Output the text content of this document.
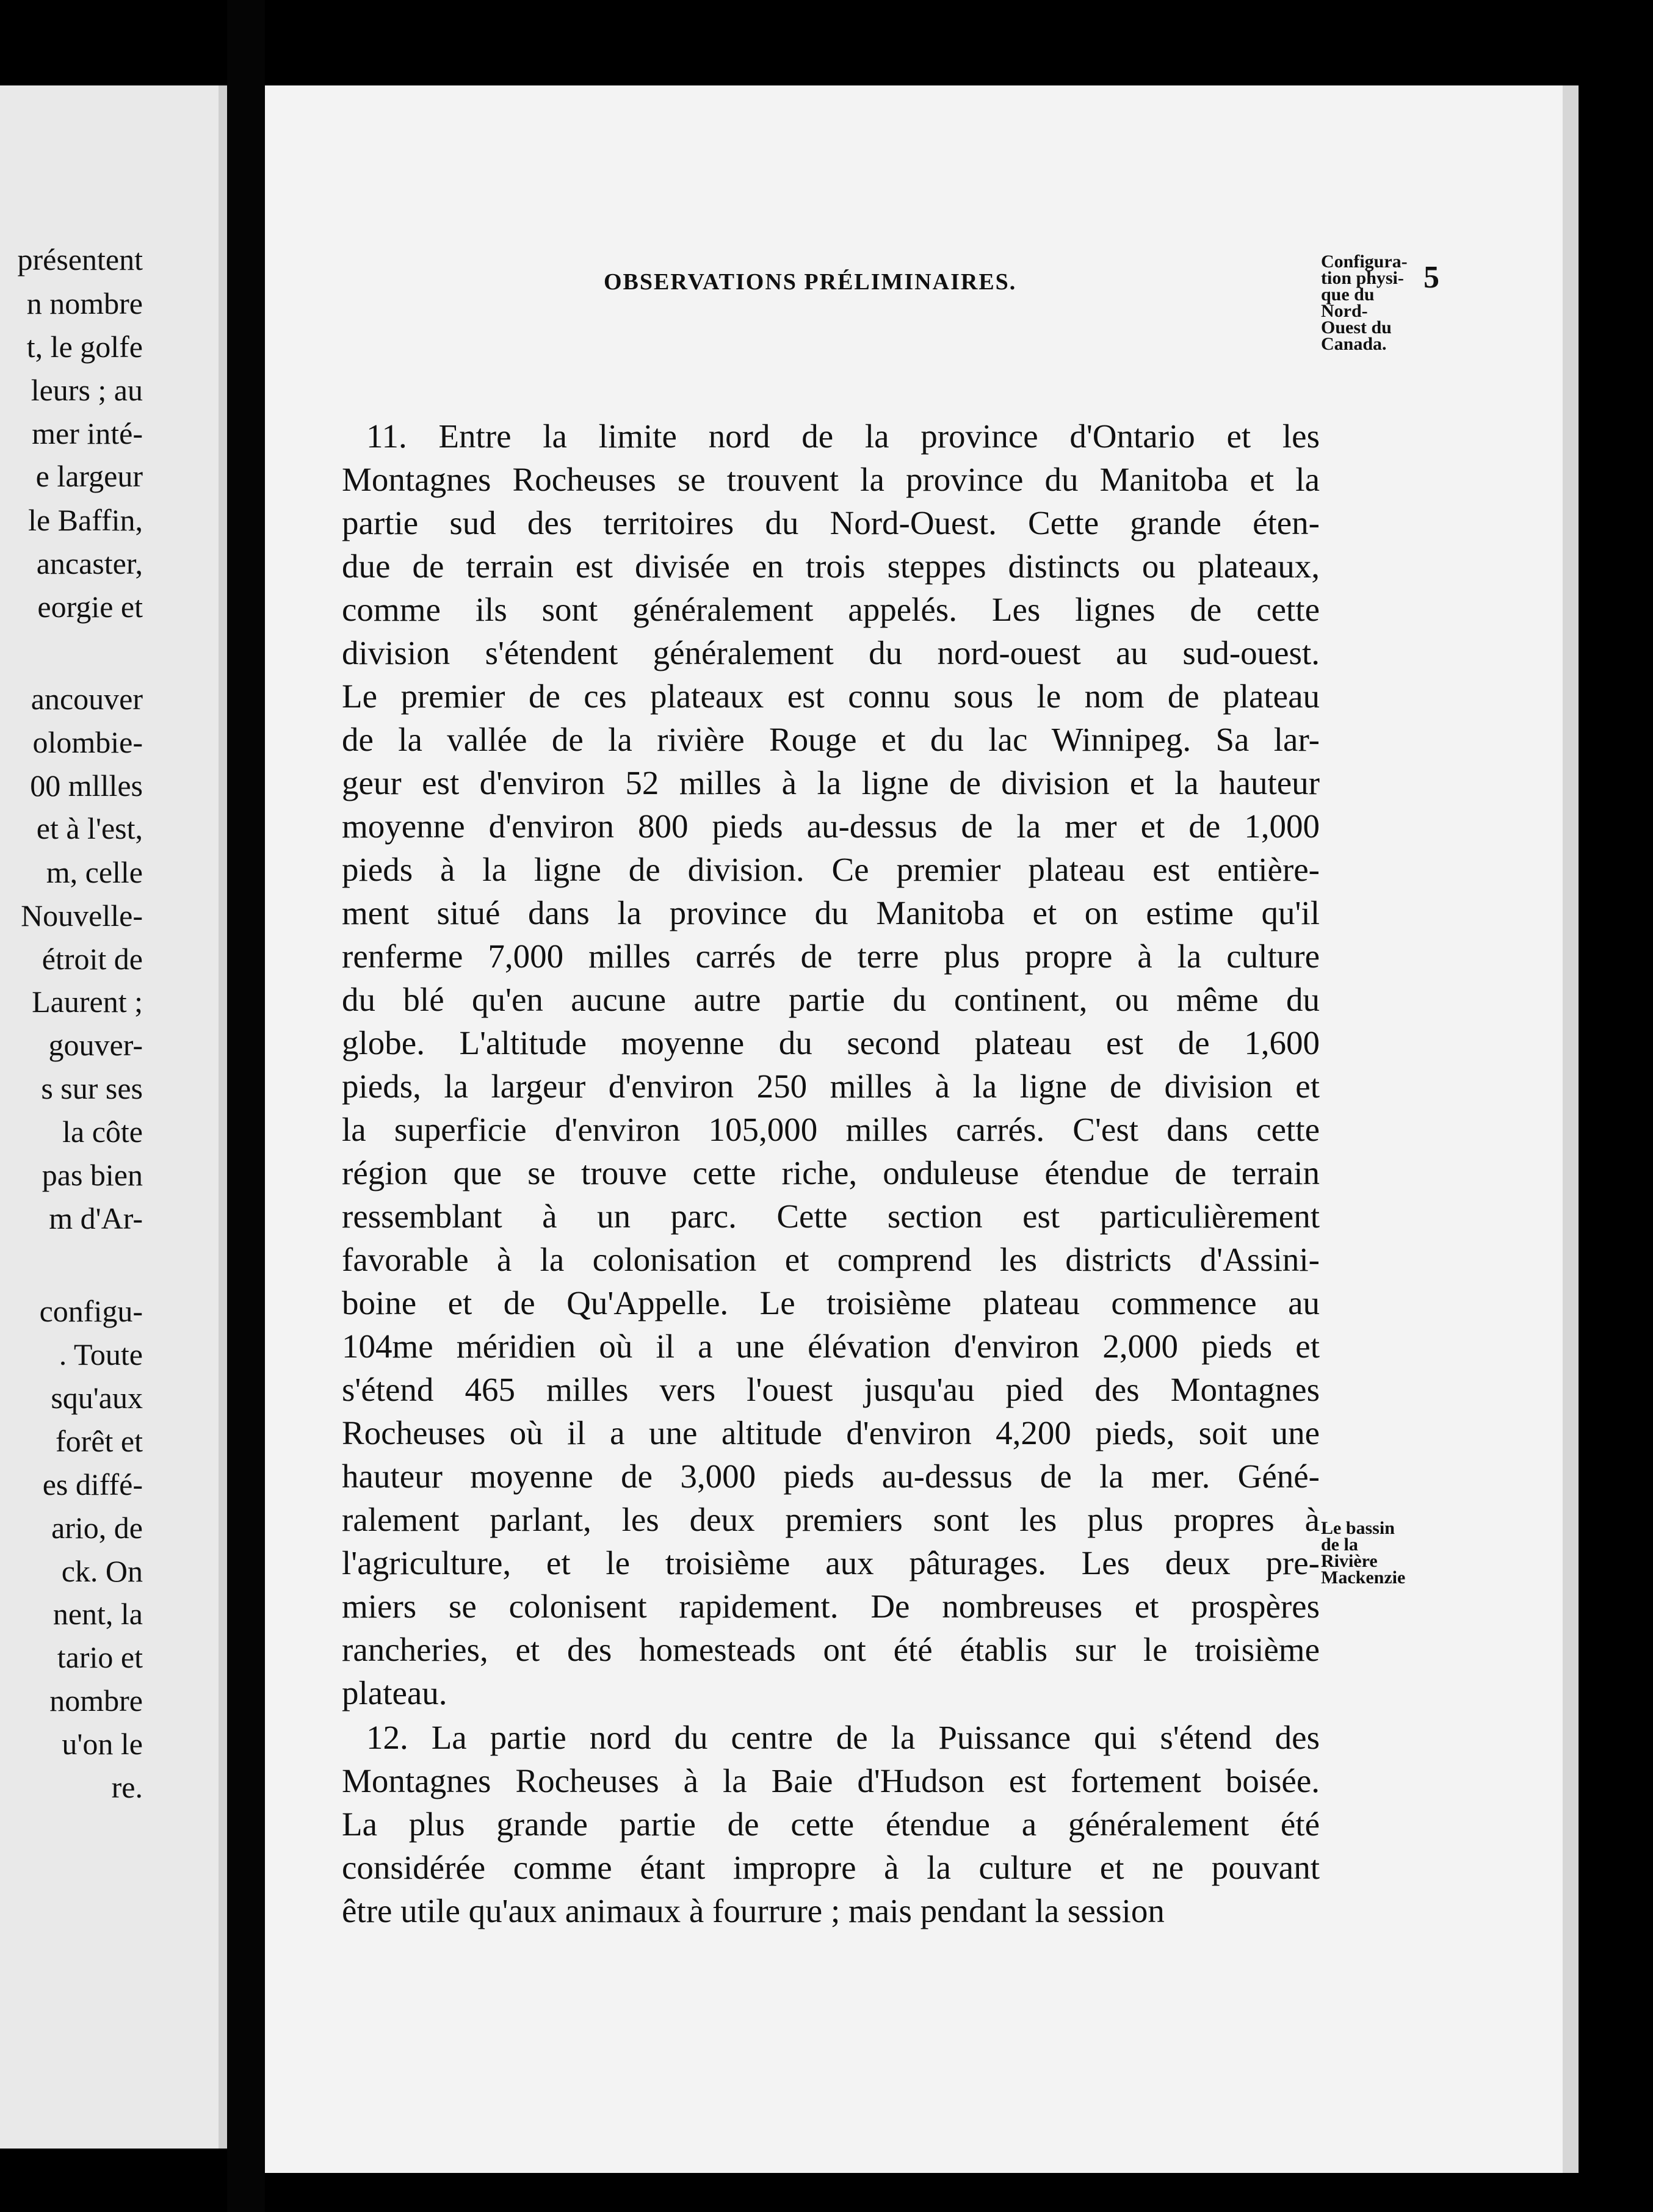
présentent
n nombre
t, le golfe
leurs ; au
mer inté-
e largeur
le Baffin,
ancaster,
eorgie et
ancouver
olombie-
00 mllles
et à l'est,
m, celle
Nouvelle-
étroit de
Laurent ;
gouver-
s sur ses
la côte
pas bien
m d'Ar-
configu-
. Toute
squ'aux
forêt et
es diffé-
ario, de
ck. On
nent, la
tario et
nombre
u'on le
re.
OBSERVATIONS PRÉLIMINAIRES.	5
11. Entre la limite nord de la province d'Ontario et les
Montagnes Rocheuses se trouvent la province du Manitoba et la
partie sud des territoires du Nord-Ouest. Cette grande éten-
due de terrain est divisée en trois steppes distincts ou plateaux,
comme ils sont généralement appelés. Les lignes de cette
division s'étendent généralement du nord-ouest au sud-ouest.
Le premier de ces plateaux est connu sous le nom de plateau
de la vallée de la rivière Rouge et du lac Winnipeg. Sa lar-
geur est d'environ 52 milles à la ligne de division et la hauteur
moyenne d'environ 800 pieds au-dessus de la mer et de 1,000
pieds à la ligne de division. Ce premier plateau est entière-
ment situé dans la province du Manitoba et on estime qu'il
renferme 7,000 milles carrés de terre plus propre à la culture
du blé qu'en aucune autre partie du continent, ou même du
globe. L'altitude moyenne du second plateau est de 1,600
pieds, la largeur d'environ 250 milles à la ligne de division et
la superficie d'environ 105,000 milles carrés. C'est dans cette
région que se trouve cette riche, onduleuse étendue de terrain
ressemblant à un parc. Cette section est particulièrement
favorable à la colonisation et comprend les districts d'Assini-
boine et de Qu'Appelle. Le troisième plateau commence au
104me méridien où il a une élévation d'environ 2,000 pieds et
s'étend 465 milles vers l'ouest jusqu'au pied des Montagnes
Rocheuses où il a une altitude d'environ 4,200 pieds, soit une
hauteur moyenne de 3,000 pieds au-dessus de la mer. Géné-
ralement parlant, les deux premiers sont les plus propres à
l'agriculture, et le troisième aux pâturages. Les deux pre-
miers se colonisent rapidement. De nombreuses et prospères
rancheries, et des homesteads ont été établis sur le troisième
plateau.
12. La partie nord du centre de la Puissance qui s'étend des
Montagnes Rocheuses à la Baie d'Hudson est fortement boisée.
La plus grande partie de cette étendue a généralement été
considérée comme étant impropre à la culture et ne pouvant
être utile qu'aux animaux à fourrure ; mais pendant la session
Configura-
tion physi-
que du
Nord-
Ouest du
Canada.
Le bassin
de la
Rivière
Mackenzie
